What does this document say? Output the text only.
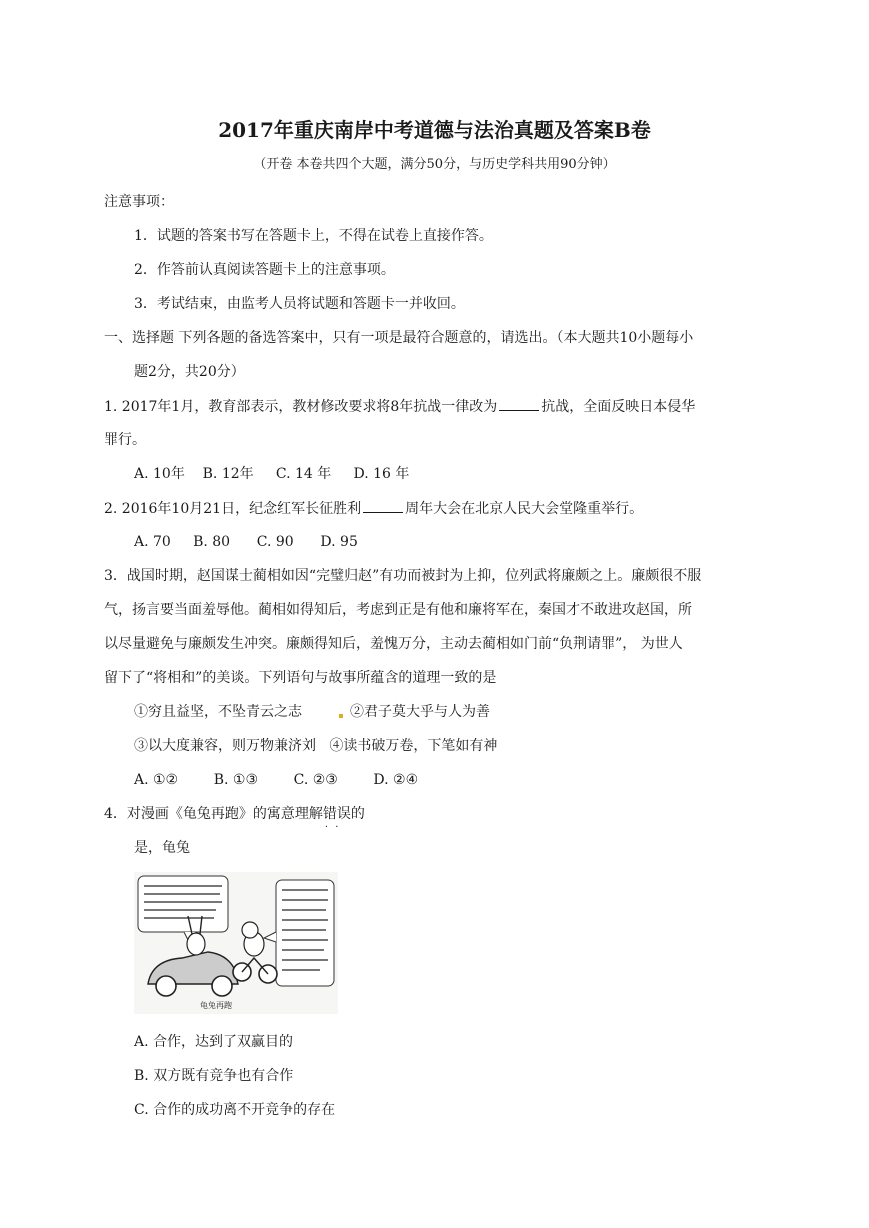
2017年重庆南岸中考道德与法治真题及答案B卷
（开卷 本卷共四个大题，满分50分，与历史学科共用90分钟）
注意事项：
1．试题的答案书写在答题卡上，不得在试卷上直接作答。
2．作答前认真阅读答题卡上的注意事项。
3．考试结束，由监考人员将试题和答题卡一并收回。
一、选择题 下列各题的备选答案中，只有一项是最符合题意的，请选出。（本大题共10小题每小
题2分，共20分）
1. 2017年1月，教育部表示，教材修改要求将8年抗战一律改为	抗战，全面反映日本侵华
罪行。
A. 10年    B. 12年     C. 14 年     D. 16 年
2. 2016年10月21日，纪念红军长征胜利	周年大会在北京人民大会堂隆重举行。
A. 70     B. 80      C. 90      D. 95
3．战国时期，赵国谋士蔺相如因“完璧归赵”有功而被封为上抑，位列武将廉颇之上。廉颇很不服
气，扬言要当面羞辱他。蔺相如得知后，考虑到正是有他和廉将军在，秦国才不敢进攻赵国，所
以尽量避免与廉颇发生冲突。廉颇得知后，羞愧万分，主动去蔺相如门前“负荆请罪”， 为世人
留下了“将相和”的美谈。下列语句与故事所蕴含的道理一致的是
①穷且益坚，不坠青云之志	②君子莫大乎与人为善
③以大度兼容，则万物兼济刘   ④读书破万卷，下笔如有神
A. ①②        B. ①③        C. ②③        D. ②④
4．对漫画《龟兔再跑》的寓意理解错误 · ·的
是，龟兔
龟兔再跑
A. 合作，达到了双赢目的
B. 双方既有竞争也有合作
C. 合作的成功离不开竞争的存在
